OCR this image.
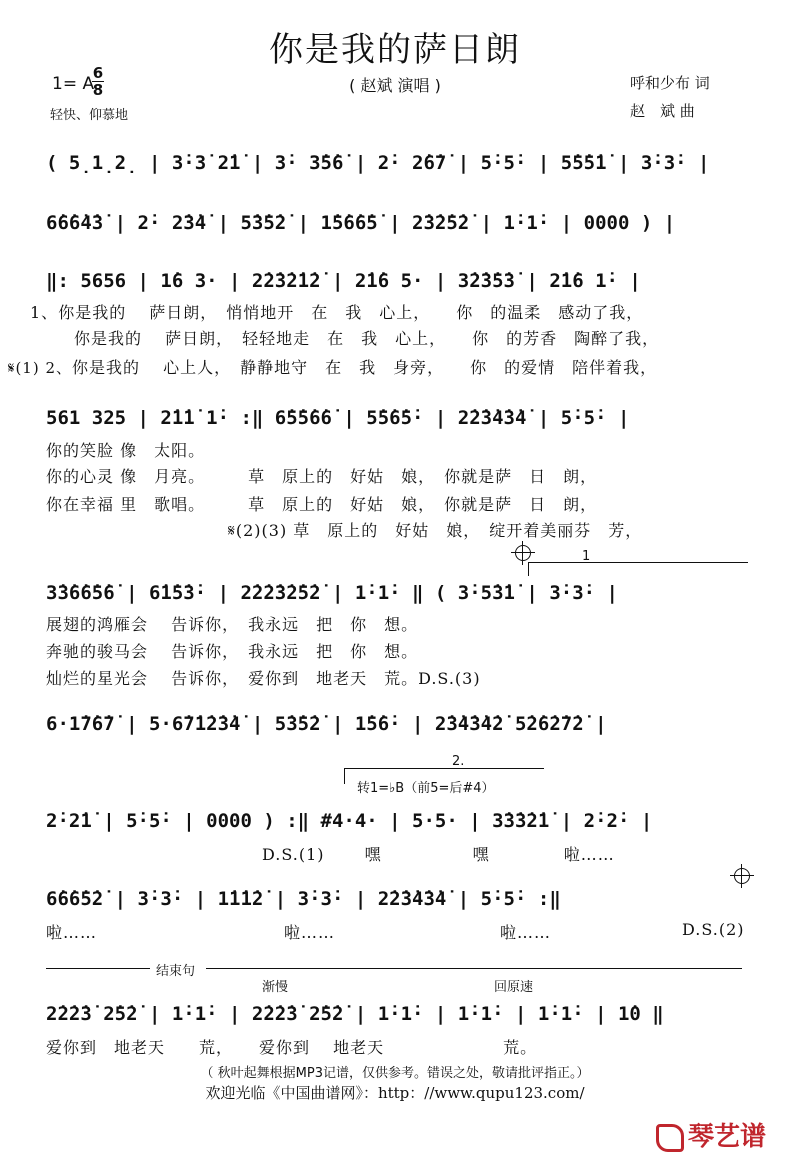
你是我的萨日朗
( 赵斌 演唱 )
1= A
6
8
轻快、仰慕地
呼和少布 词
赵　斌 曲
( 5̣1̣2̣ | 3̇·3̇ 2̇1̇ | 3̇· 3̇5̇6̇ | 2̇· 2̇6̇7̇ | 5̇·5̇· | 5̇5̇5̇1̇ | 3̇·3̇· |
6̇6̇6̇4̇3̇ | 2̇· 2̇3̇4̇ | 5̇3̇5̇2̇ | 1̇5̇6̇6̇5̇ | 2̇3̇2̇5̇2̇ | 1̇·1̇· | 0000 ) |
‖: 5656 | 1̇6 3· | 2̇2̇3̇2̇1̇2̇ | 2̇1̇6 5· | 3̇2̇3̇5̇3̇ | 2̇1̇6 1̇· |
1、你是我的　 萨日朗，　悄悄地开　在　我　心上，　　你　的温柔　感动了我，
你是我的　 萨日朗，　轻轻地走　在　我　心上，　　你　的芳香　陶醉了我，
𝄋(1) 2、你是我的　 心上人，　静静地守　在　我　身旁，　　你　的爱情　陪伴着我，
561 325 | 2̇1̇1̇ 1̇· :‖ 6̇5̇5̇6̇6̇ | 5̇5̇6̇5̇· | 2̇2̇3̇4̇3̇4̇ | 5̇·5̇· |
你的笑脸 像　太阳。
你的心灵 像　月亮。　　　草　原上的　好姑　娘，　你就是萨　日　朗，
你在幸福 里　歌唱。　　　草　原上的　好姑　娘，　你就是萨　日　朗，
𝄋(2)(3) 草　原上的　好姑　娘，　绽开着美丽芬　芳，
1
3̇3̇6̇6̇5̇6̇ | 6̇1̇5̇3̇· | 2̇2̇2̇3̇2̇5̇2̇ | 1̇·1̇· ‖ ( 3̇·5̇3̇1̇ | 3̇·3̇· |
展翅的鸿雁会　 告诉你，　我永远　把　你　想。
奔驰的骏马会　 告诉你，　我永远　把　你　想。
灿烂的星光会　 告诉你，　爱你到　地老天　荒。D.S.(3)
6·1̇7̇6̇7̇ | 5·6̇7̇1̇2̇3̇4̇ | 5̇3̇5̇2̇ | 1̇5̇6̇· | 2̇3̇4̇3̇4̇2̇ 5̇2̇6̇2̇7̇2̇ |
2.
转1=♭B（前5=后#4）
2̇·2̇1̇ | 5̇·5̇· | 0000 ) :‖ #4·4· | 5·5· | 3̇3̇3̇2̇1̇ | 2̇·2̇· |
D.S.(1)　　 嘿　　　　　 嘿　　　　 啦……
6̇6̇6̇5̇2̇ | 3̇·3̇· | 1̇1̇1̇2̇ | 3̇·3̇· | 2̇2̇3̇4̇3̇4̇ | 5̇·5̇· :‖
啦……	啦……	啦……	D.S.(2)
结束句
渐慢	回原速
2̇2̇2̇3̇ 2̇5̇2̇ | 1̇·1̇· | 2̇2̇2̇3̇ 2̇5̇2̇ | 1̇·1̇· | 1̇·1̇· | 1̇·1̇· | 1̇0 ‖
爱你到　地老天　　荒，　　爱你到　 地老天　　　　　　　荒。
（ 秋叶起舞根据MP3记谱，仅供参考。错误之处，敬请批评指正。）
欢迎光临《中国曲谱网》：http：//www.qupu123.com/
琴艺谱
